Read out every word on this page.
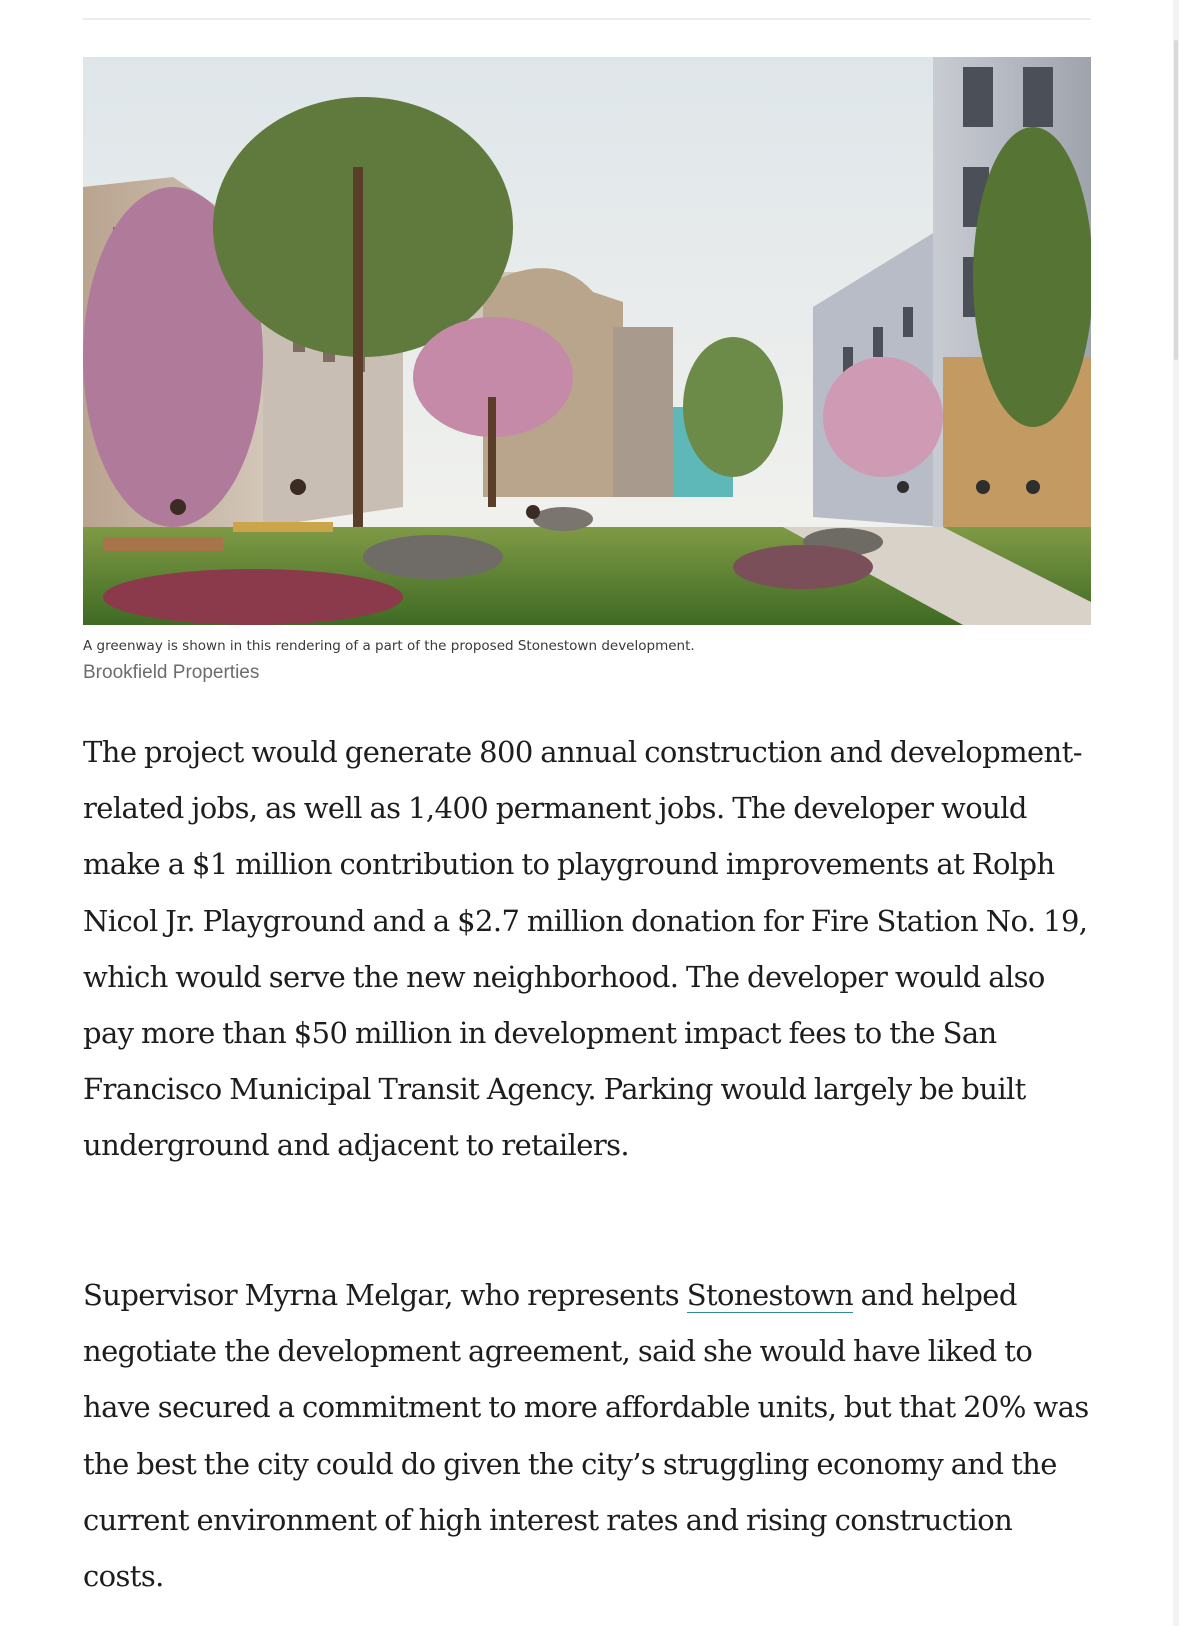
A greenway is shown in this rendering of a part of the proposed Stonestown development.
Brookfield Properties

The project would generate 800 annual construction and development-related jobs, as well as 1,400 permanent jobs. The developer would make a $1 million contribution to playground improvements at Rolph Nicol Jr. Playground and a $2.7 million donation for Fire Station No. 19, which would serve the new neighborhood. The developer would also pay more than $50 million in development impact fees to the San Francisco Municipal Transit Agency. Parking would largely be built underground and adjacent to retailers.

Supervisor Myrna Melgar, who represents Stonestown and helped negotiate the development agreement, said she would have liked to have secured a commitment to more affordable units, but that 20% was the best the city could do given the city’s struggling economy and the current environment of high interest rates and rising construction costs.
